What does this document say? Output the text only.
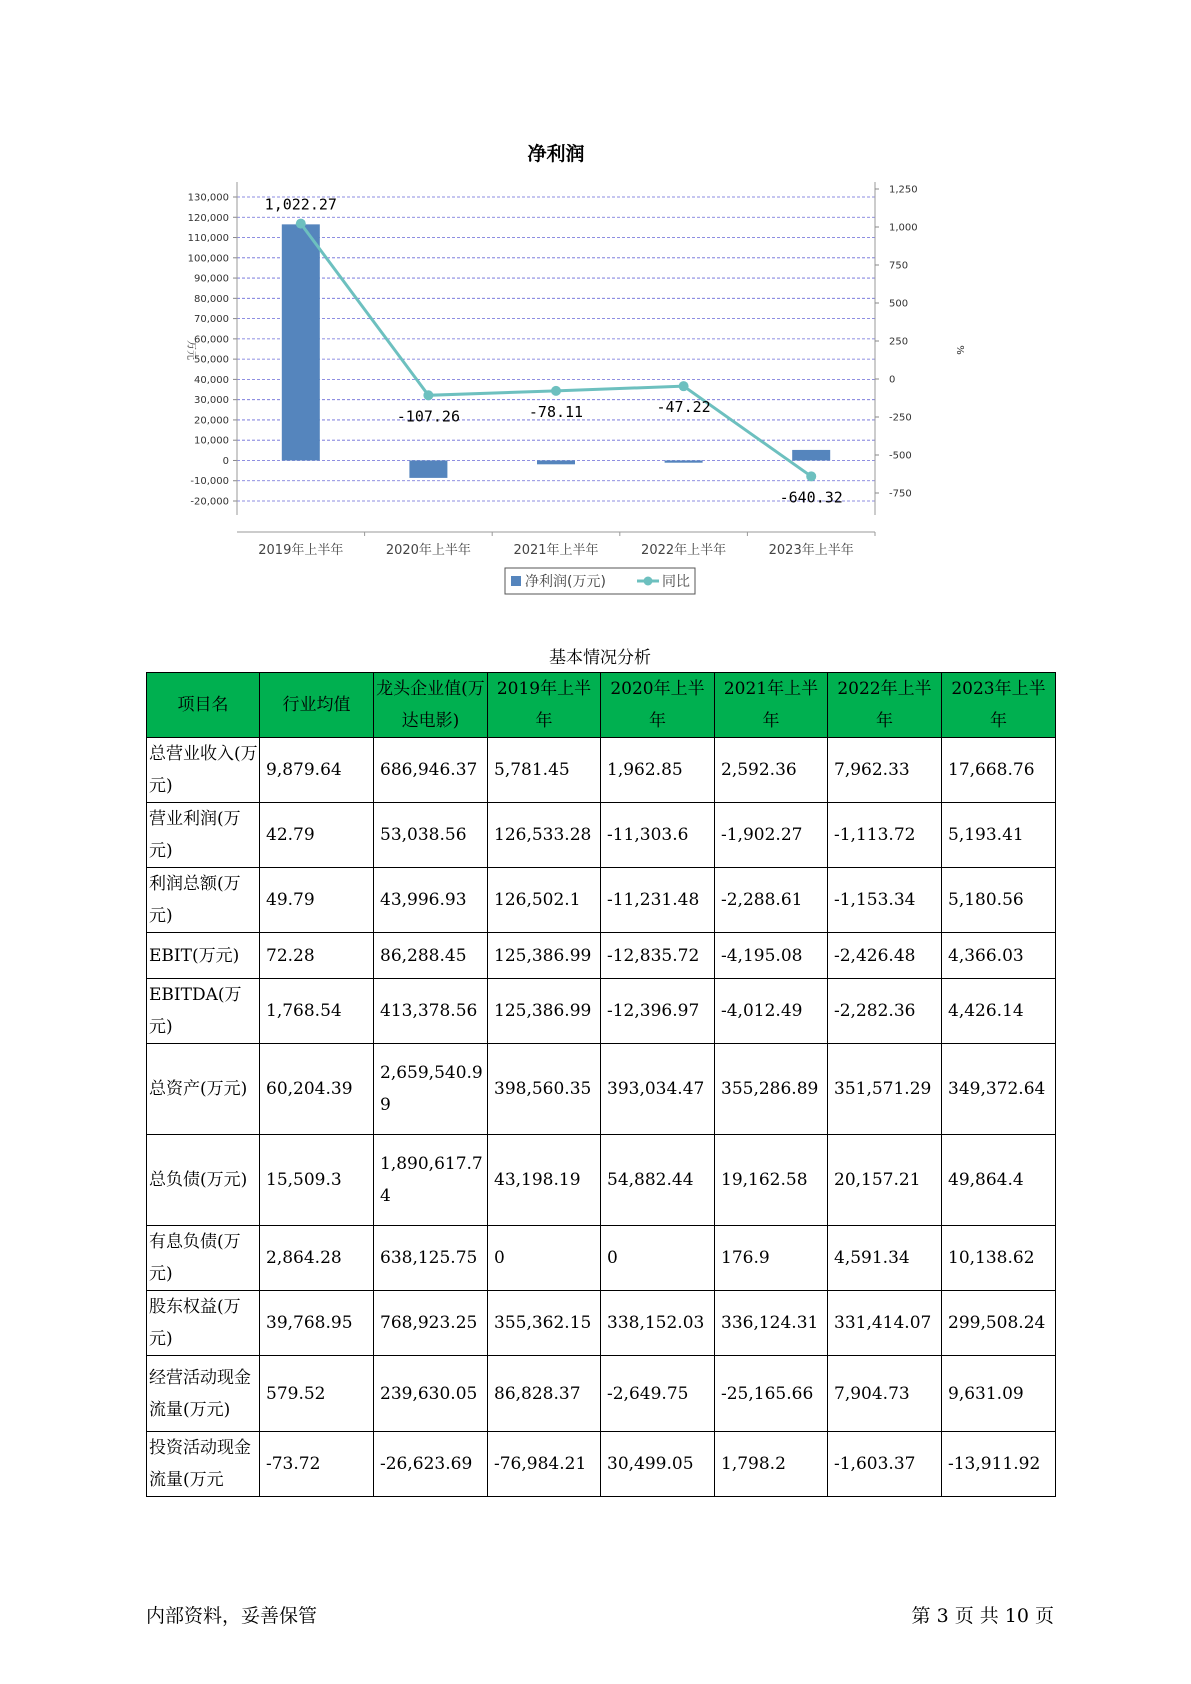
净利润
130,000
120,000
110,000
100,000
90,000
80,000
70,000
60,000
50,000
40,000
30,000
20,000
10,000
0
-10,000
-20,000
1,250
1,000
750
500
250
0
-250
-500
-750
万元	%
2019年上半年	2020年上半年	2021年上半年	2022年上半年	2023年上半年
1,022.27
-107.26	-78.11	-47.22
-640.32
净利润(万元)	同比
基本情况分析
项目名	行业均值	龙头企业值(万达电影)	2019年上半年	2020年上半年	2021年上半年	2022年上半年	2023年上半年
总营业收入(万元)	9,879.64	686,946.37	5,781.45	1,962.85	2,592.36	7,962.33	17,668.76
营业利润(万元)	42.79	53,038.56	126,533.28	-11,303.6	-1,902.27	-1,113.72	5,193.41
利润总额(万元)	49.79	43,996.93	126,502.1	-11,231.48	-2,288.61	-1,153.34	5,180.56
EBIT(万元)	72.28	86,288.45	125,386.99	-12,835.72	-4,195.08	-2,426.48	4,366.03
EBITDA(万元)	1,768.54	413,378.56	125,386.99	-12,396.97	-4,012.49	-2,282.36	4,426.14
总资产(万元)	60,204.39	2,659,540.99	398,560.35	393,034.47	355,286.89	351,571.29	349,372.64
总负债(万元)	15,509.3	1,890,617.74	43,198.19	54,882.44	19,162.58	20,157.21	49,864.4
有息负债(万元)	2,864.28	638,125.75	0	0	176.9	4,591.34	10,138.62
股东权益(万元)	39,768.95	768,923.25	355,362.15	338,152.03	336,124.31	331,414.07	299,508.24
经营活动现金流量(万元)	579.52	239,630.05	86,828.37	-2,649.75	-25,165.66	7,904.73	9,631.09
投资活动现金流量(万元	-73.72	-26,623.69	-76,984.21	30,499.05	1,798.2	-1,603.37	-13,911.92
内部资料，妥善保管	第 3 页 共 10 页
